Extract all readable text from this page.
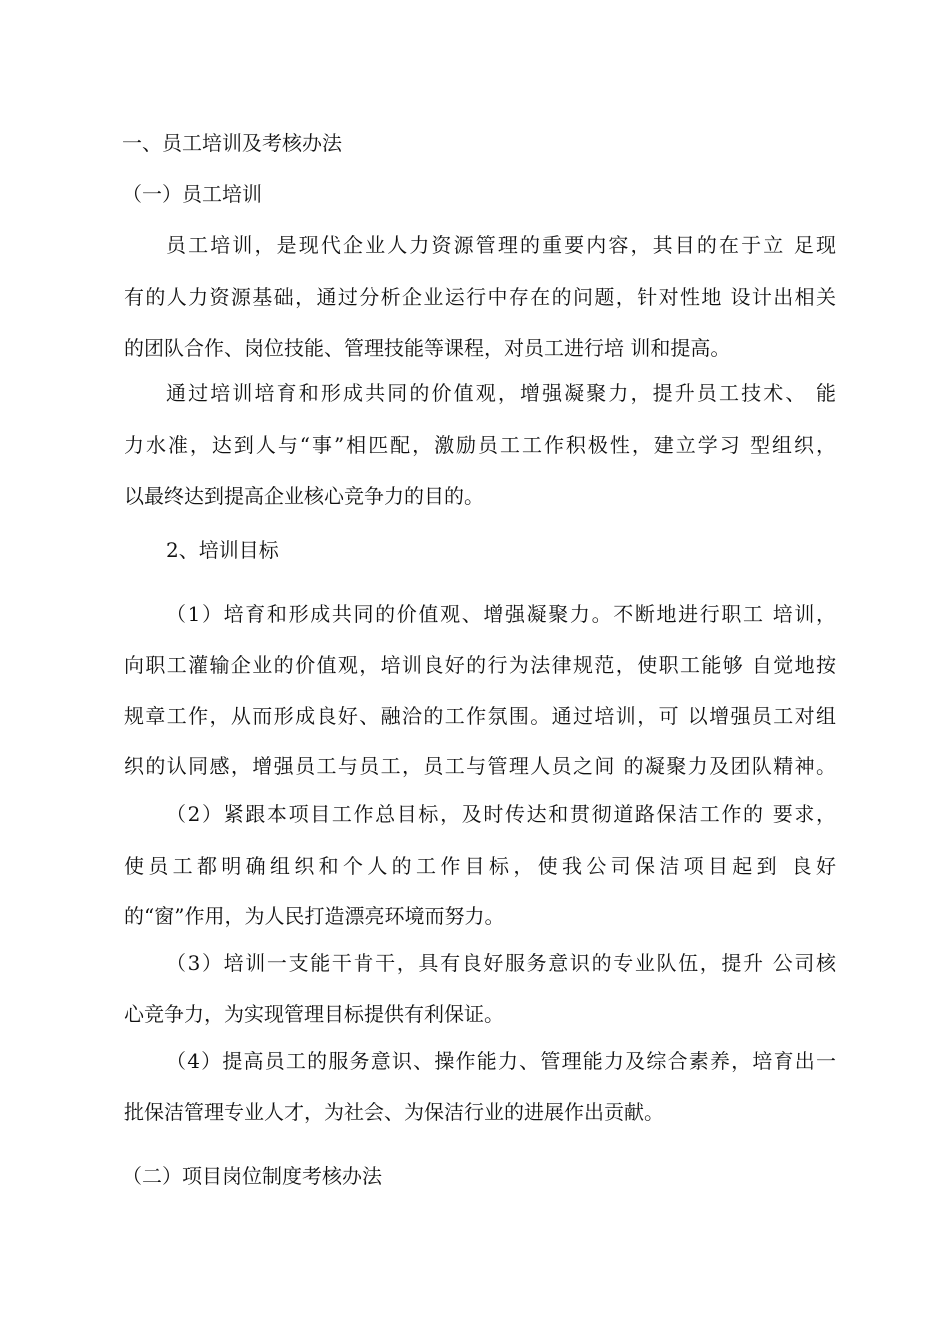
一、员工培训及考核办法
（一）员工培训
员工培训，是现代企业人力资源管理的重要内容，其目的在于立 足现
有的人力资源基础，通过分析企业运行中存在的问题，针对性地 设计出相关
的团队合作、岗位技能、管理技能等课程，对员工进行培 训和提高。
通过培训培育和形成共同的价值观，增强凝聚力，提升员工技术、 能
力水准，达到人与“事”相匹配，激励员工工作积极性，建立学习 型组织，
以最终达到提高企业核心竞争力的目的。
2、培训目标
（1）培育和形成共同的价值观、增强凝聚力。不断地进行职工 培训，
向职工灌输企业的价值观，培训良好的行为法律规范，使职工能够 自觉地按
规章工作，从而形成良好、融洽的工作氛围。通过培训，可 以增强员工对组
织的认同感，增强员工与员工，员工与管理人员之间 的凝聚力及团队精神。
（2）紧跟本项目工作总目标，及时传达和贯彻道路保洁工作的 要求，
使员工都明确组织和个人的工作目标，使我公司保洁项目起到 良好
的“窗”作用，为人民打造漂亮环境而努力。
（3）培训一支能干肯干，具有良好服务意识的专业队伍，提升 公司核
心竞争力，为实现管理目标提供有利保证。
（4）提高员工的服务意识、操作能力、管理能力及综合素养，培育出一
批保洁管理专业人才，为社会、为保洁行业的进展作出贡献。
（二）项目岗位制度考核办法
